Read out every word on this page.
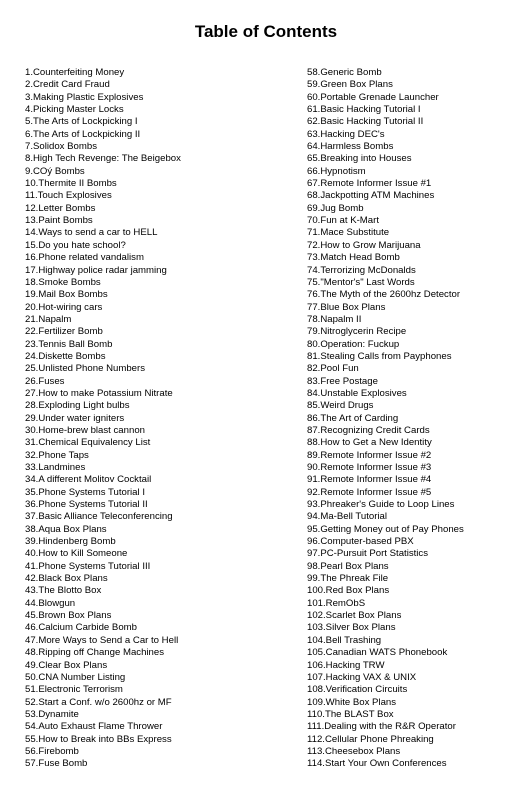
Table of Contents
1.Counterfeiting Money
2.Credit Card Fraud
3.Making Plastic Explosives
4.Picking Master Locks
5.The Arts of Lockpicking I
6.The Arts of Lockpicking II
7.Solidox Bombs
8.High Tech Revenge: The Beigebox
9.COý Bombs
10.Thermite II Bombs
11.Touch Explosives
12.Letter Bombs
13.Paint Bombs
14.Ways to send a car to HELL
15.Do you hate school?
16.Phone related vandalism
17.Highway police radar jamming
18.Smoke Bombs
19.Mail Box Bombs
20.Hot-wiring cars
21.Napalm
22.Fertilizer Bomb
23.Tennis Ball Bomb
24.Diskette Bombs
25.Unlisted Phone Numbers
26.Fuses
27.How to make Potassium Nitrate
28.Exploding Light bulbs
29.Under water igniters
30.Home-brew blast cannon
31.Chemical Equivalency List
32.Phone Taps
33.Landmines
34.A different Molitov Cocktail
35.Phone Systems Tutorial I
36.Phone Systems Tutorial II
37.Basic Alliance Teleconferencing
38.Aqua Box Plans
39.Hindenberg Bomb
40.How to Kill Someone
41.Phone Systems Tutorial III
42.Black Box Plans
43.The Blotto Box
44.Blowgun
45.Brown Box Plans
46.Calcium Carbide Bomb
47.More Ways to Send a Car to Hell
48.Ripping off Change Machines
49.Clear Box Plans
50.CNA Number Listing
51.Electronic Terrorism
52.Start a Conf. w/o 2600hz or MF
53.Dynamite
54.Auto Exhaust Flame Thrower
55.How to Break into BBs Express
56.Firebomb
57.Fuse Bomb
58.Generic Bomb
59.Green Box Plans
60.Portable Grenade Launcher
61.Basic Hacking Tutorial I
62.Basic Hacking Tutorial II
63.Hacking DEC's
64.Harmless Bombs
65.Breaking into Houses
66.Hypnotism
67.Remote Informer Issue #1
68.Jackpotting ATM Machines
69.Jug Bomb
70.Fun at K-Mart
71.Mace Substitute
72.How to Grow Marijuana
73.Match Head Bomb
74.Terrorizing McDonalds
75."Mentor's" Last Words
76.The Myth of the 2600hz Detector
77.Blue Box Plans
78.Napalm II
79.Nitroglycerin Recipe
80.Operation: Fuckup
81.Stealing Calls from Payphones
82.Pool Fun
83.Free Postage
84.Unstable Explosives
85.Weird Drugs
86.The Art of Carding
87.Recognizing Credit Cards
88.How to Get a New Identity
89.Remote Informer Issue #2
90.Remote Informer Issue #3
91.Remote Informer Issue #4
92.Remote Informer Issue #5
93.Phreaker's Guide to Loop Lines
94.Ma-Bell Tutorial
95.Getting Money out of Pay Phones
96.Computer-based PBX
97.PC-Pursuit Port Statistics
98.Pearl Box Plans
99.The Phreak File
100.Red Box Plans
101.RemObS
102.Scarlet Box Plans
103.Silver Box Plans
104.Bell Trashing
105.Canadian WATS Phonebook
106.Hacking TRW
107.Hacking VAX & UNIX
108.Verification Circuits
109.White Box Plans
110.The BLAST Box
111.Dealing with the R&R Operator
112.Cellular Phone Phreaking
113.Cheesebox Plans
114.Start Your Own Conferences
